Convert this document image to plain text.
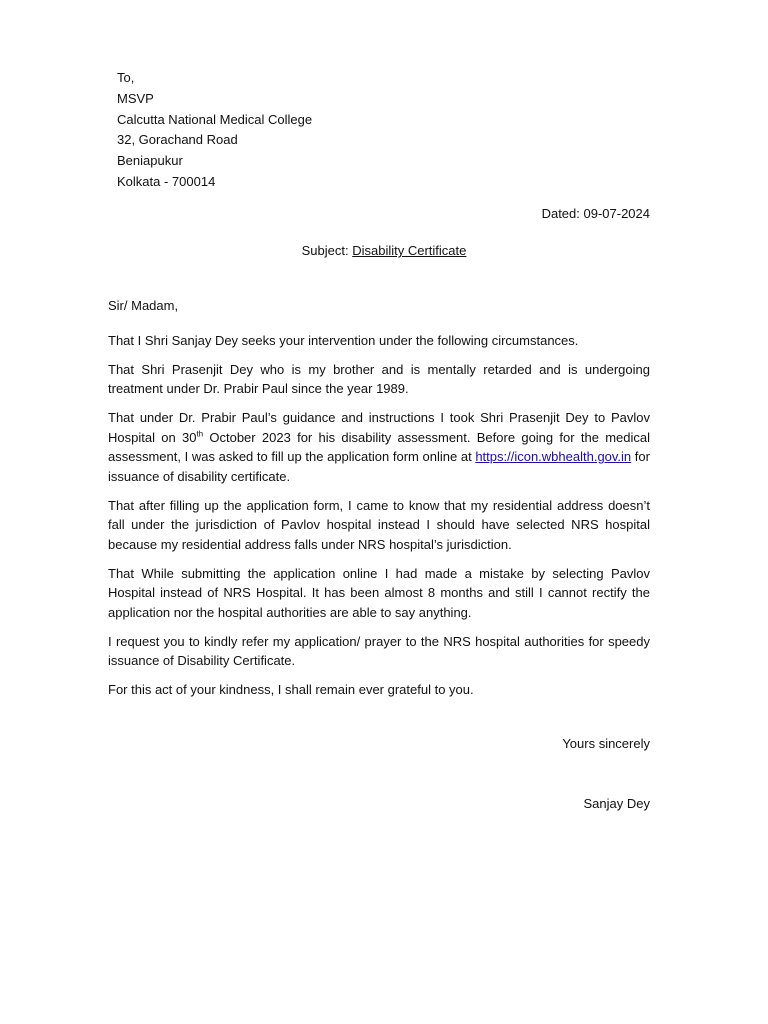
To,
MSVP
Calcutta National Medical College
32, Gorachand Road
Beniapukur
Kolkata - 700014
Dated: 09-07-2024
Subject: Disability Certificate

Sir/ Madam,

That I Shri Sanjay Dey seeks your intervention under the following circumstances.

That Shri Prasenjit Dey who is my brother and is mentally retarded and is undergoing treatment under Dr. Prabir Paul since the year 1989.

That under Dr. Prabir Paul’s guidance and instructions I took Shri Prasenjit Dey to Pavlov Hospital on 30th October 2023 for his disability assessment. Before going for the medical assessment, I was asked to fill up the application form online at https://icon.wbhealth.gov.in for issuance of disability certificate.

That after filling up the application form, I came to know that my residential address doesn’t fall under the jurisdiction of Pavlov hospital instead I should have selected NRS hospital because my residential address falls under NRS hospital’s jurisdiction.

That While submitting the application online I had made a mistake by selecting Pavlov Hospital instead of NRS Hospital. It has been almost 8 months and still I cannot rectify the application nor the hospital authorities are able to say anything.

I request you to kindly refer my application/ prayer to the NRS hospital authorities for speedy issuance of Disability Certificate.

For this act of your kindness, I shall remain ever grateful to you.

Yours sincerely
Sanjay Dey
